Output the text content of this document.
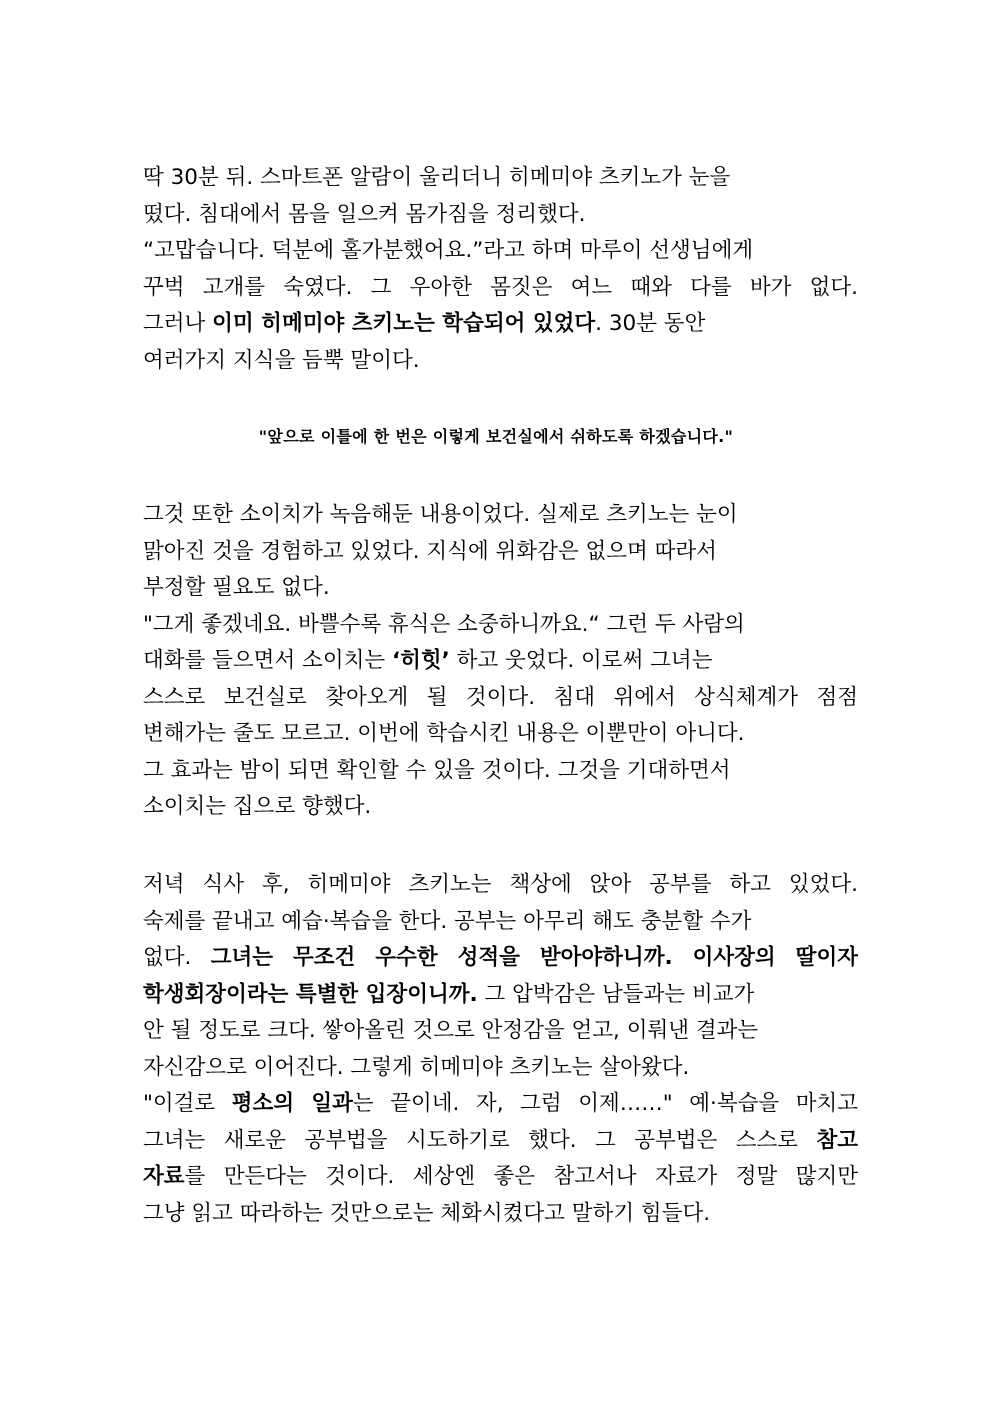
딱 30분 뒤. 스마트폰 알람이 울리더니 히메미야 츠키노가 눈을
떴다. 침대에서 몸을 일으켜 몸가짐을 정리했다.
“고맙습니다. 덕분에 홀가분했어요.”라고 하며 마루이 선생님에게
꾸벅 고개를 숙였다. 그 우아한 몸짓은 여느 때와 다를 바가 없다.
그러나 이미 히메미야 츠키노는 학습되어 있었다. 30분 동안
여러가지 지식을 듬뿍 말이다.
"앞으로 이틀에 한 번은 이렇게 보건실에서 쉬하도록 하겠습니다."
그것 또한 소이치가 녹음해둔 내용이었다. 실제로 츠키노는 눈이
맑아진 것을 경험하고 있었다. 지식에 위화감은 없으며 따라서
부정할 필요도 없다.
"그게 좋겠네요. 바쁠수록 휴식은 소중하니까요.“ 그런 두 사람의
대화를 들으면서 소이치는 ‘히힛’ 하고 웃었다. 이로써 그녀는
스스로 보건실로 찾아오게 될 것이다. 침대 위에서 상식체계가 점점
변해가는 줄도 모르고. 이번에 학습시킨 내용은 이뿐만이 아니다.
그 효과는 밤이 되면 확인할 수 있을 것이다. 그것을 기대하면서
소이치는 집으로 향했다.
저녁 식사 후, 히메미야 츠키노는 책상에 앉아 공부를 하고 있었다.
숙제를 끝내고 예습·복습을 한다. 공부는 아무리 해도 충분할 수가
없다. 그녀는 무조건 우수한 성적을 받아야하니까. 이사장의 딸이자
학생회장이라는 특별한 입장이니까. 그 압박감은 남들과는 비교가
안 될 정도로 크다. 쌓아올린 것으로 안정감을 얻고, 이뤄낸 결과는
자신감으로 이어진다. 그렇게 히메미야 츠키노는 살아왔다.
"이걸로 평소의 일과는 끝이네. 자, 그럼 이제……" 예·복습을 마치고
그녀는 새로운 공부법을 시도하기로 했다. 그 공부법은 스스로 참고
자료를 만든다는 것이다. 세상엔 좋은 참고서나 자료가 정말 많지만
그냥 읽고 따라하는 것만으로는 체화시켰다고 말하기 힘들다.
